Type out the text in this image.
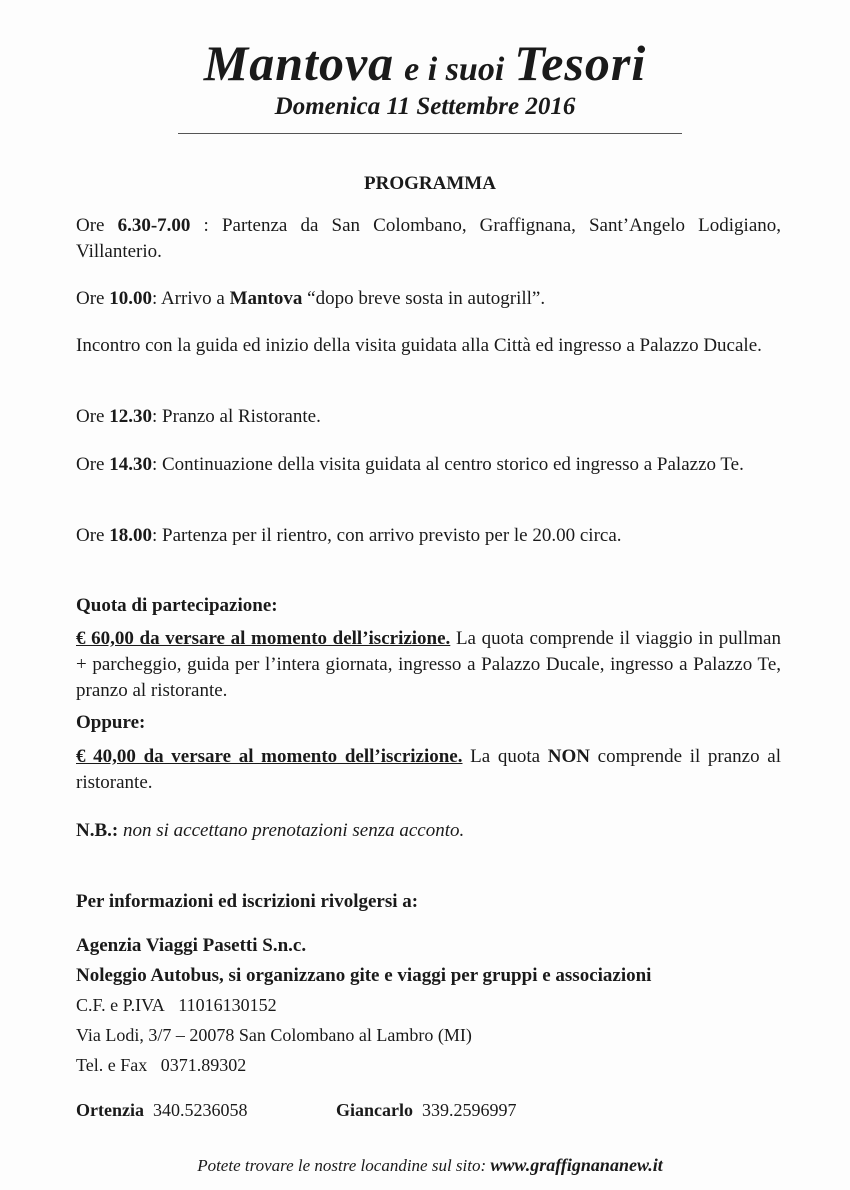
Mantova e i suoi Tesori
Domenica 11 Settembre 2016
PROGRAMMA
Ore 6.30-7.00 : Partenza da San Colombano, Graffignana, Sant’Angelo Lodigiano, Villanterio.
Ore 10.00: Arrivo a Mantova “dopo breve sosta in autogrill”.
Incontro con la guida ed inizio della visita guidata alla Città ed ingresso a Palazzo Ducale.
Ore 12.30: Pranzo al Ristorante.
Ore 14.30: Continuazione della visita guidata al centro storico ed ingresso a Palazzo Te.
Ore 18.00: Partenza per il rientro, con arrivo previsto per le 20.00 circa.
Quota di partecipazione:
€ 60,00 da versare al momento dell’iscrizione. La quota comprende il viaggio in pullman + parcheggio, guida per l’intera giornata, ingresso a Palazzo Ducale, ingresso a Palazzo Te, pranzo al ristorante.
Oppure:
€ 40,00 da versare al momento dell’iscrizione. La quota NON comprende il pranzo al ristorante.
N.B.: non si accettano prenotazioni senza acconto.
Per informazioni ed iscrizioni rivolgersi a:
Agenzia Viaggi Pasetti S.n.c.
Noleggio Autobus, si organizzano gite e viaggi per gruppi e associazioni
C.F. e P.IVA 11016130152
Via Lodi, 3/7 – 20078 San Colombano al Lambro (MI)
Tel. e Fax 0371.89302
Ortenzia 340.5236058	Giancarlo 339.2596997
Potete trovare le nostre locandine sul sito: www.graffignananew.it
